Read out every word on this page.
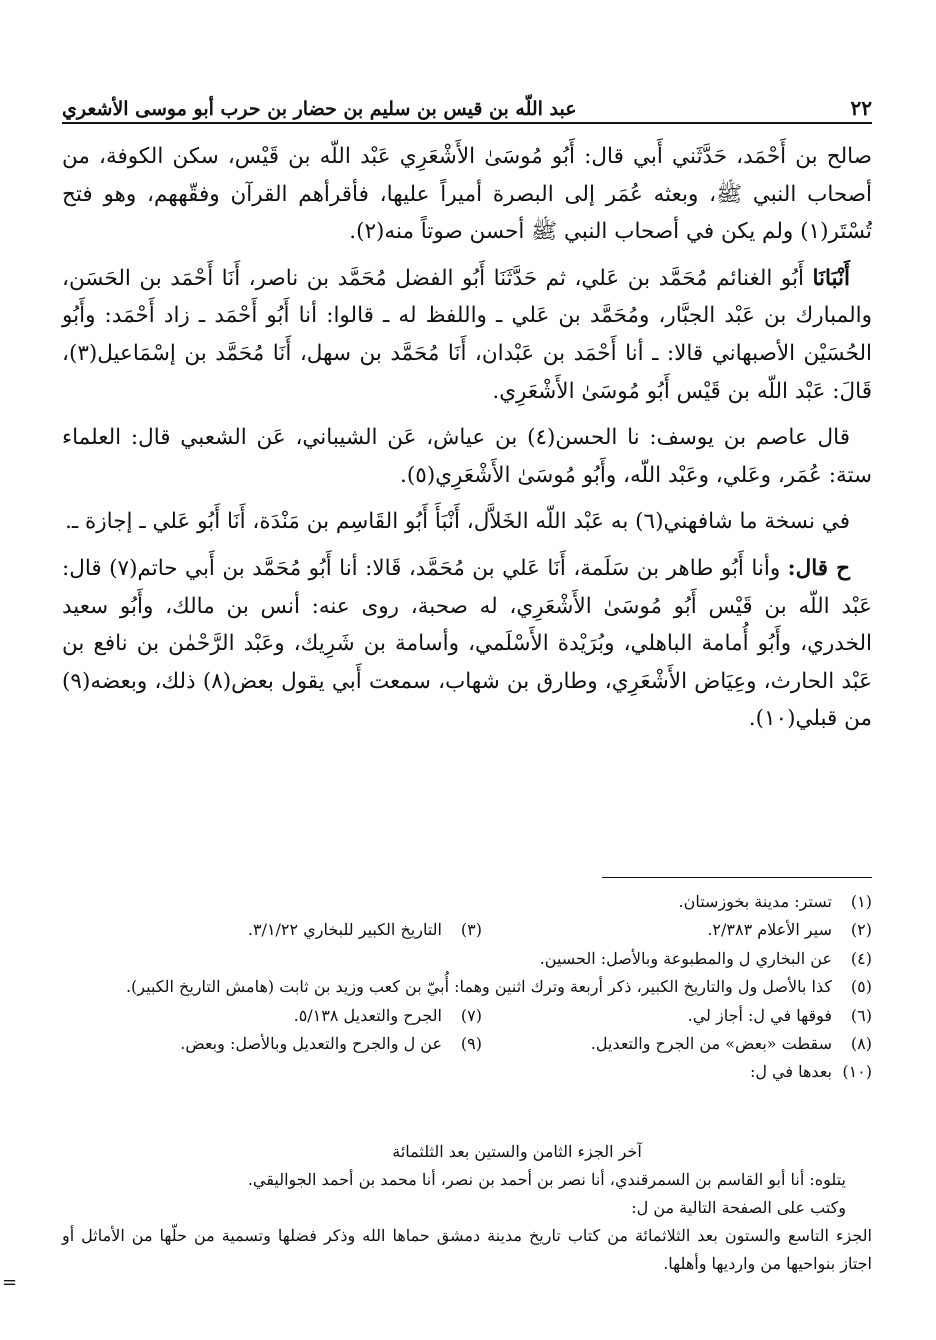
٢٢
عبد اللّه بن قيس بن سليم بن حضار بن حرب أبو موسى الأشعري

صالح بن أَحْمَد، حَدَّثَني أَبي قال: أَبُو مُوسَىٰ الأَشْعَرِي عَبْد اللّه بن قَيْس، سكن الكوفة، من أصحاب النبي ﷺ، وبعثه عُمَر إلى البصرة أميراً عليها، فأقرأهم القرآن وفقّههم، وهو فتح تُسْتَر(١) ولم يكن في أصحاب النبي ﷺ أحسن صوتاً منه(٢).

أَنْبَانَا أَبُو الغنائم مُحَمَّد بن عَلي، ثم حَدَّثَنَا أَبُو الفضل مُحَمَّد بن ناصر، أَنَا أَحْمَد بن الحَسَن، والمبارك بن عَبْد الجبَّار، ومُحَمَّد بن عَلي ـ واللفظ له ـ قالوا: أنا أَبُو أَحْمَد ـ زاد أَحْمَد: وأَبُو الحُسَيْن الأصبهاني قالا: ـ أنا أَحْمَد بن عَبْدان، أَنَا مُحَمَّد بن سهل، أَنَا مُحَمَّد بن إسْمَاعيل(٣)، قَالَ: عَبْد اللّه بن قَيْس أَبُو مُوسَىٰ الأَشْعَرِي.

قال عاصم بن يوسف: نا الحسن(٤) بن عياش، عَن الشيباني، عَن الشعبي قال: العلماء ستة: عُمَر، وعَلي، وعَبْد اللّه، وأَبُو مُوسَىٰ الأَشْعَرِي(٥).

في نسخة ما شافهني(٦) به عَبْد اللّه الخَلاَّل، أَنْبَأَ أَبُو القَاسِم بن مَنْدَة، أَنَا أَبُو عَلي ـ إجازة ـ.

ح قال: وأنا أَبُو طاهر بن سَلَمة، أَنَا عَلي بن مُحَمَّد، قَالا: أنا أَبُو مُحَمَّد بن أَبي حاتم(٧) قال: عَبْد اللّه بن قَيْس أَبُو مُوسَىٰ الأَشْعَرِي، له صحبة، روى عنه: أنس بن مالك، وأَبُو سعيد الخدري، وأَبُو أُمامة الباهلي، وبُرَيْدة الأَسْلَمي، وأسامة بن شَرِيك، وعَبْد الرَّحْمٰن بن نافع بن عَبْد الحارث، وعِيَاض الأَشْعَرِي، وطارق بن شهاب، سمعت أَبي يقول بعض(٨) ذلك، وبعضه(٩) من قبلي(١٠).

(١)
تستر: مدينة بخوزستان.
(٢)
سير الأعلام ٢/٣٨٣.
(٣)
التاريخ الكبير للبخاري ٣/١/٢٢.
(٤)
عن البخاري ل والمطبوعة وبالأصل: الحسين.
(٥)
كذا بالأصل ول والتاريخ الكبير، ذكر أربعة وترك اثنين وهما: أُبيّ بن كعب وزيد بن ثابت (هامش التاريخ الكبير).
(٦)
فوقها في ل: أجاز لي.
(٧)
الجرح والتعديل ٥/١٣٨.
(٨)
سقطت «بعض» من الجرح والتعديل.
(٩)
عن ل والجرح والتعديل وبالأصل: وبعض.
(١٠)
بعدها في ل:
آخر الجزء الثامن والستين بعد الثلثمائة
يتلوه: أنا أبو القاسم بن السمرقندي، أنا نصر بن أحمد بن نصر، أنا محمد بن أحمد الجواليقي.
وكتب على الصفحة التالية من ل:
الجزء التاسع والستون بعد الثلاثمائة من كتاب تاريخ مدينة دمشق حماها الله وذكر فضلها وتسمية من حلّها من الأماثل أو اجتاز بنواحيها من وارديها وأهلها.
=
